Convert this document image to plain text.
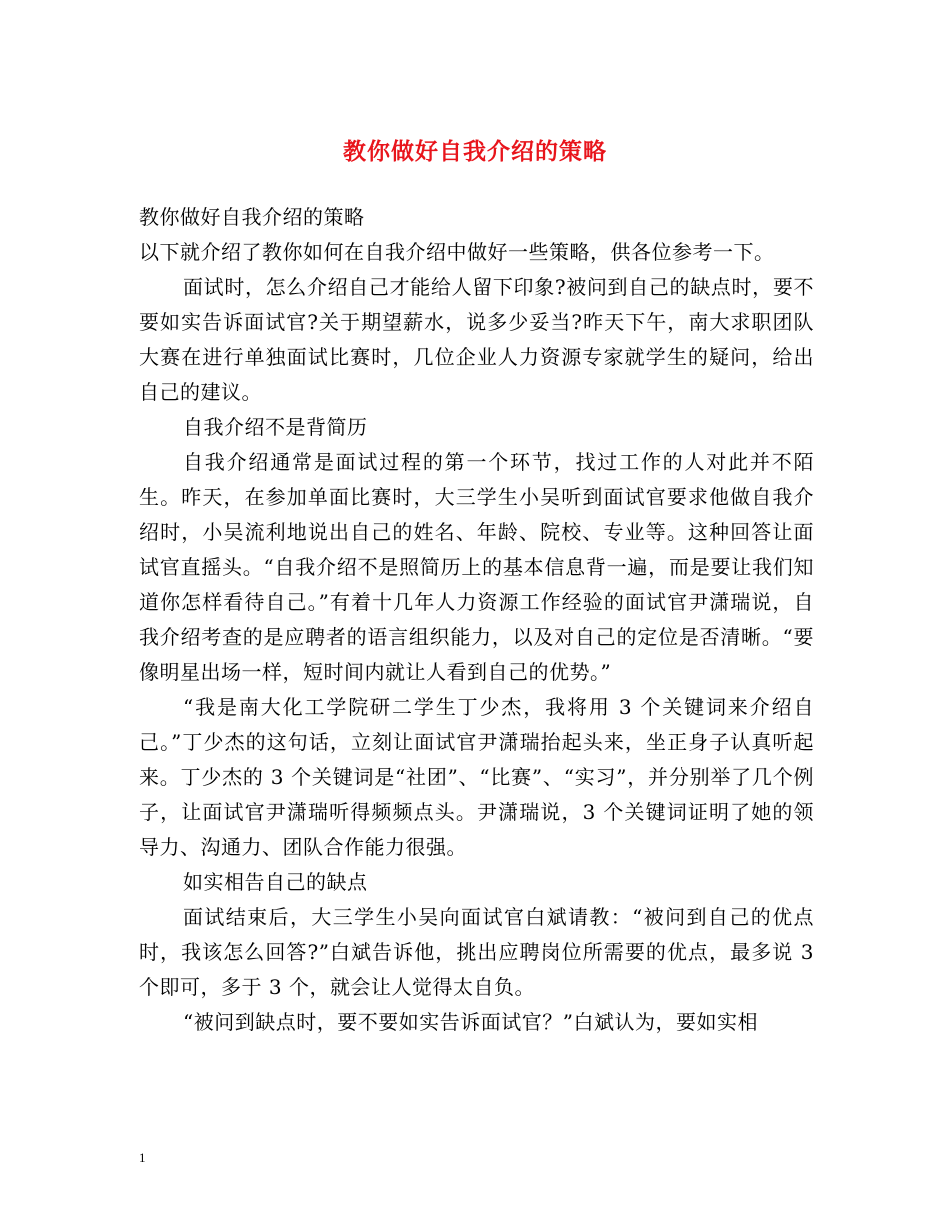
教你做好自我介绍的策略

教你做好自我介绍的策略

以下就介绍了教你如何在自我介绍中做好一些策略，供各位参考一下。

面试时，怎么介绍自己才能给人留下印象?被问到自己的缺点时，要不要如实告诉面试官?关于期望薪水，说多少妥当?昨天下午，南大求职团队大赛在进行单独面试比赛时，几位企业人力资源专家就学生的疑问，给出自己的建议。

自我介绍不是背简历

自我介绍通常是面试过程的第一个环节，找过工作的人对此并不陌生。昨天，在参加单面比赛时，大三学生小吴听到面试官要求他做自我介绍时，小吴流利地说出自己的姓名、年龄、院校、专业等。这种回答让面试官直摇头。“自我介绍不是照简历上的基本信息背一遍，而是要让我们知道你怎样看待自己。”有着十几年人力资源工作经验的面试官尹潇瑞说，自我介绍考查的是应聘者的语言组织能力，以及对自己的定位是否清晰。“要像明星出场一样，短时间内就让人看到自己的优势。”

“我是南大化工学院研二学生丁少杰，我将用 3 个关键词来介绍自己。”丁少杰的这句话，立刻让面试官尹潇瑞抬起头来，坐正身子认真听起来。丁少杰的 3 个关键词是“社团”、“比赛”、“实习”，并分别举了几个例子，让面试官尹潇瑞听得频频点头。尹潇瑞说，3 个关键词证明了她的领导力、沟通力、团队合作能力很强。

如实相告自己的缺点

面试结束后，大三学生小吴向面试官白斌请教：“被问到自己的优点时，我该怎么回答?”白斌告诉他，挑出应聘岗位所需要的优点，最多说 3 个即可，多于 3 个，就会让人觉得太自负。

“被问到缺点时，要不要如实告诉面试官？”白斌认为，要如实相

1
